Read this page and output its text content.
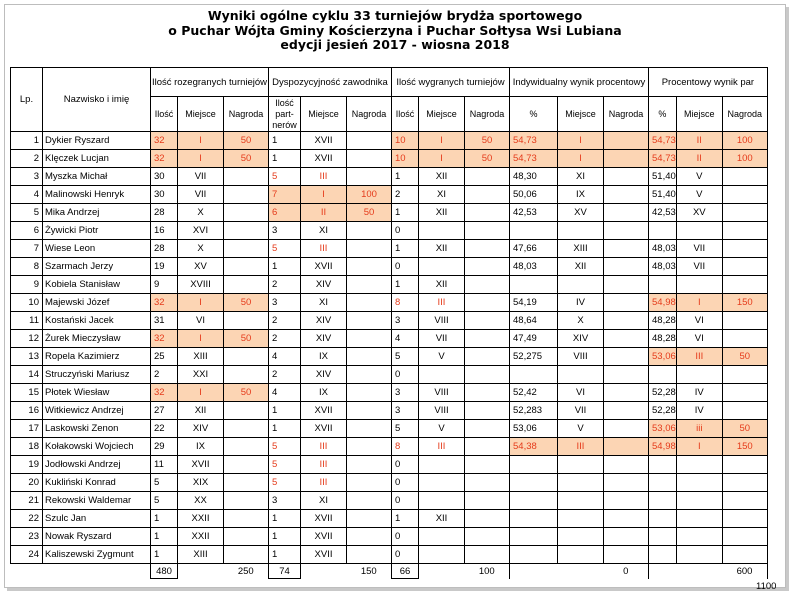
Wyniki ogólne cyklu 33 turniejów brydża sportowego
o Puchar Wójta Gminy Kościerzyna i Puchar Sołtysa Wsi Lubiana
edycji jesień 2017 - wiosna 2018
Lp.	Nazwisko i imię	Ilość rozegranych turniejów			Dyspozycyjność zawodnika			Ilość wygranych turniejów			Indywidualny wynik procentowy			Procentowy wynik par		
		Ilość	Miejsce	Nagroda	Ilość part-nerów	Miejsce	Nagroda	Ilość	Miejsce	Nagroda	%	Miejsce	Nagroda	%	Miejsce	Nagroda
1	Dykier Ryszard	32	I	50	1	XVII		10	I	50	54,73	I		54,73	II	100
2	Klęczek Lucjan	32	I	50	1	XVII		10	I	50	54,73	I		54,73	II	100
3	Myszka Michał	30	VII		5	III		1	XII		48,30	XI		51,40	V	
4	Malinowski Henryk	30	VII		7	I	100	2	XI		50,06	IX		51,40	V	
5	Mika Andrzej	28	X		6	II	50	1	XII		42,53	XV		42,53	XV	
6	Żywicki Piotr	16	XVI		3	XI		0								
7	Wiese Leon	28	X		5	III		1	XII		47,66	XIII		48,03	VII	
8	Szarmach Jerzy	19	XV		1	XVII		0			48,03	XII		48,03	VII	
9	Kobiela Stanisław	9	XVIII		2	XIV		1	XII							
10	Majewski Józef	32	I	50	3	XI		8	III		54,19	IV		54,98	I	150
11	Kostański Jacek	31	VI		2	XIV		3	VIII		48,64	X		48,28	VI	
12	Żurek Mieczysław	32	I	50	2	XIV		4	VII		47,49	XIV		48,28	VI	
13	Ropela Kazimierz	25	XIII		4	IX		5	V		52,275	VIII		53,06	III	50
14	Struczyński Mariusz	2	XXI		2	XIV		0								
15	Płotek Wiesław	32	I	50	4	IX		3	VIII		52,42	VI		52,28	IV	
16	Witkiewicz Andrzej	27	XII		1	XVII		3	VIII		52,283	VII		52,28	IV	
17	Laskowski Zenon	22	XIV		1	XVII		5	V		53,06	V		53,06	iii	50
18	Kołakowski Wojciech	29	IX		5	III		8	III		54,38	III		54,98	I	150
19	Jodłowski Andrzej	11	XVII		5	III		0								
20	Kukliński Konrad	5	XIX		5	III		0								
21	Rekowski Waldemar	5	XX		3	XI		0								
22	Szulc Jan	1	XXII		1	XVII		1	XII							
23	Nowak Ryszard	1	XXII		1	XVII		0								
24	Kaliszewski Zygmunt	1	XIII		1	XVII		0								
		480		250	74		150	66		100			0			600
1100
